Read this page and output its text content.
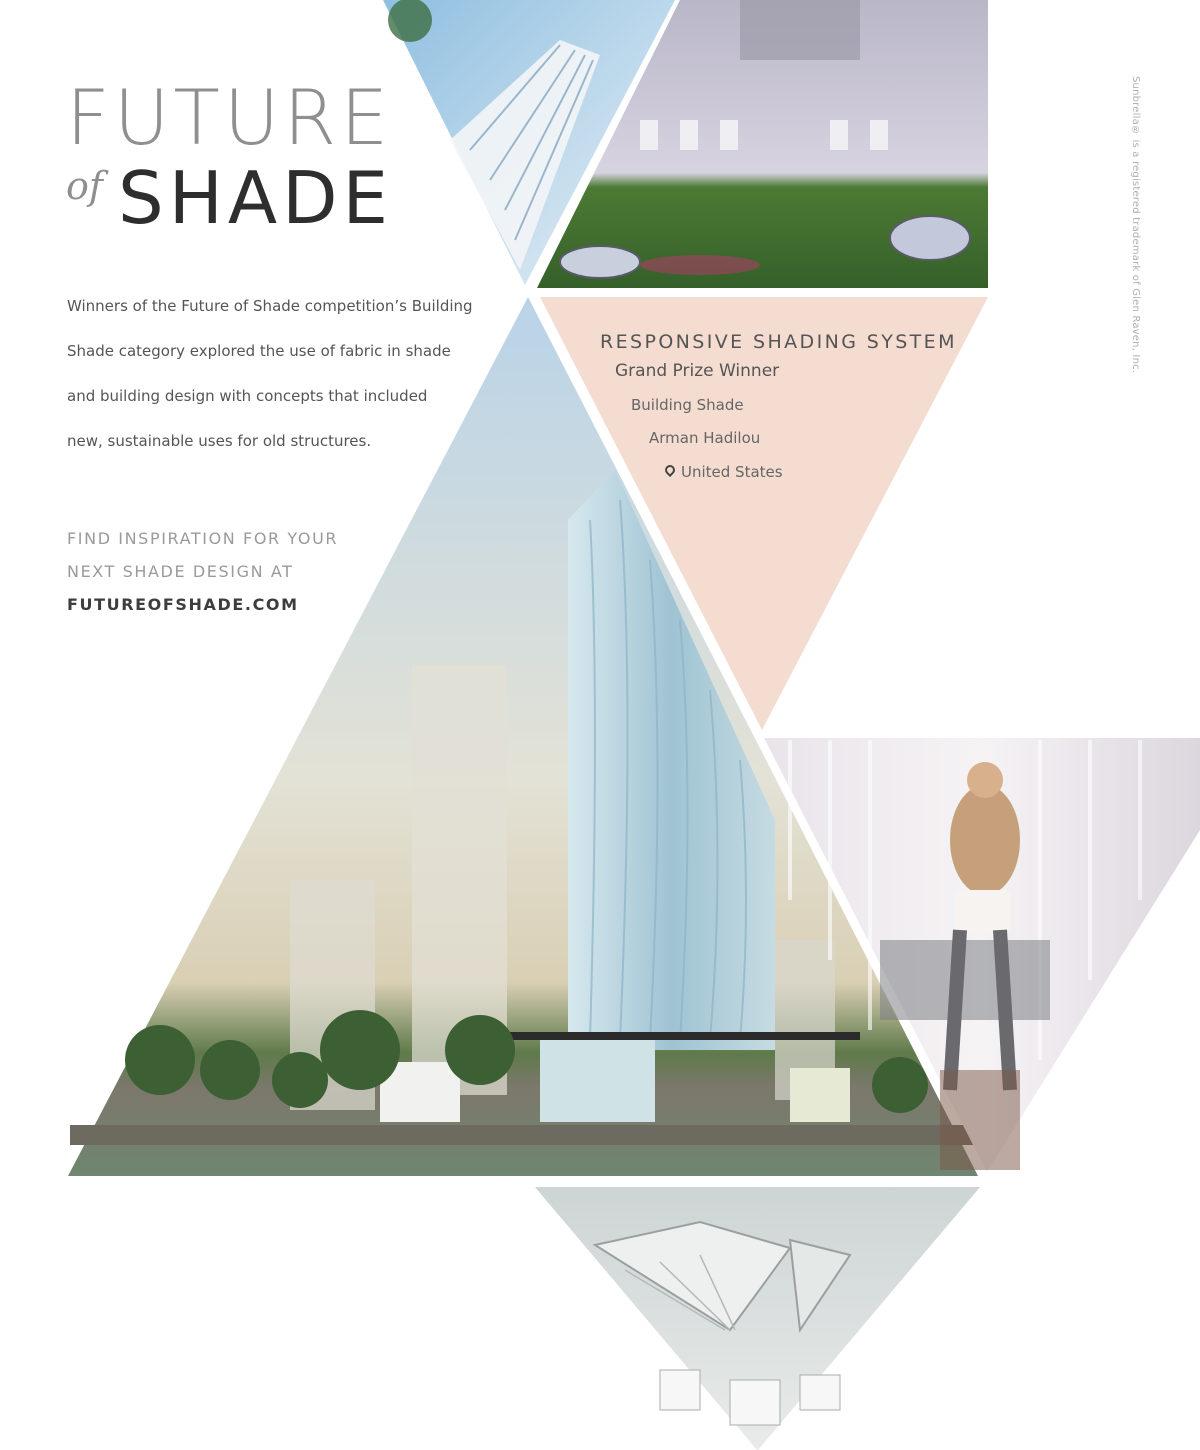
FUTURE
of SHADE
Winners of the Future of Shade competition’s Building
Shade category explored the use of fabric in shade
and building design with concepts that included
new, sustainable uses for old structures.
FIND INSPIRATION FOR YOUR
NEXT SHADE DESIGN AT
FUTUREOFSHADE.COM
RESPONSIVE SHADING SYSTEM
Grand Prize Winner
Building Shade
Arman Hadilou
United States
Sunbrella® is a registered trademark of Glen Raven, Inc.
